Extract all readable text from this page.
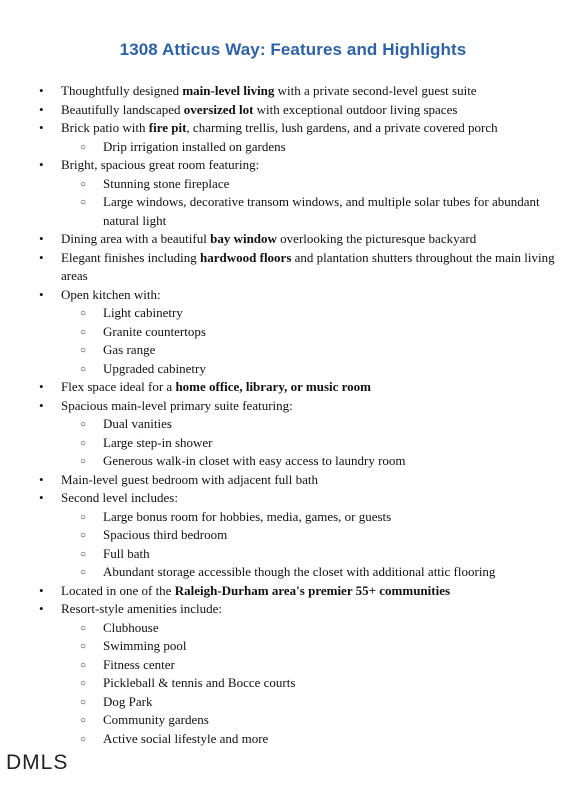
1308 Atticus Way: Features and Highlights
• Thoughtfully designed main-level living with a private second-level guest suite
• Beautifully landscaped oversized lot with exceptional outdoor living spaces
• Brick patio with fire pit, charming trellis, lush gardens, and a private covered porch
○ Drip irrigation installed on gardens
• Bright, spacious great room featuring:
○ Stunning stone fireplace
○ Large windows, decorative transom windows, and multiple solar tubes for abundant natural light
• Dining area with a beautiful bay window overlooking the picturesque backyard
• Elegant finishes including hardwood floors and plantation shutters throughout the main living areas
• Open kitchen with:
○ Light cabinetry
○ Granite countertops
○ Gas range
○ Upgraded cabinetry
• Flex space ideal for a home office, library, or music room
• Spacious main-level primary suite featuring:
○ Dual vanities
○ Large step-in shower
○ Generous walk-in closet with easy access to laundry room
• Main-level guest bedroom with adjacent full bath
• Second level includes:
○ Large bonus room for hobbies, media, games, or guests
○ Spacious third bedroom
○ Full bath
○ Abundant storage accessible though the closet with additional attic flooring
• Located in one of the Raleigh-Durham area's premier 55+ communities
• Resort-style amenities include:
○ Clubhouse
○ Swimming pool
○ Fitness center
○ Pickleball & tennis and Bocce courts
○ Dog Park
○ Community gardens
○ Active social lifestyle and more
DMLS
